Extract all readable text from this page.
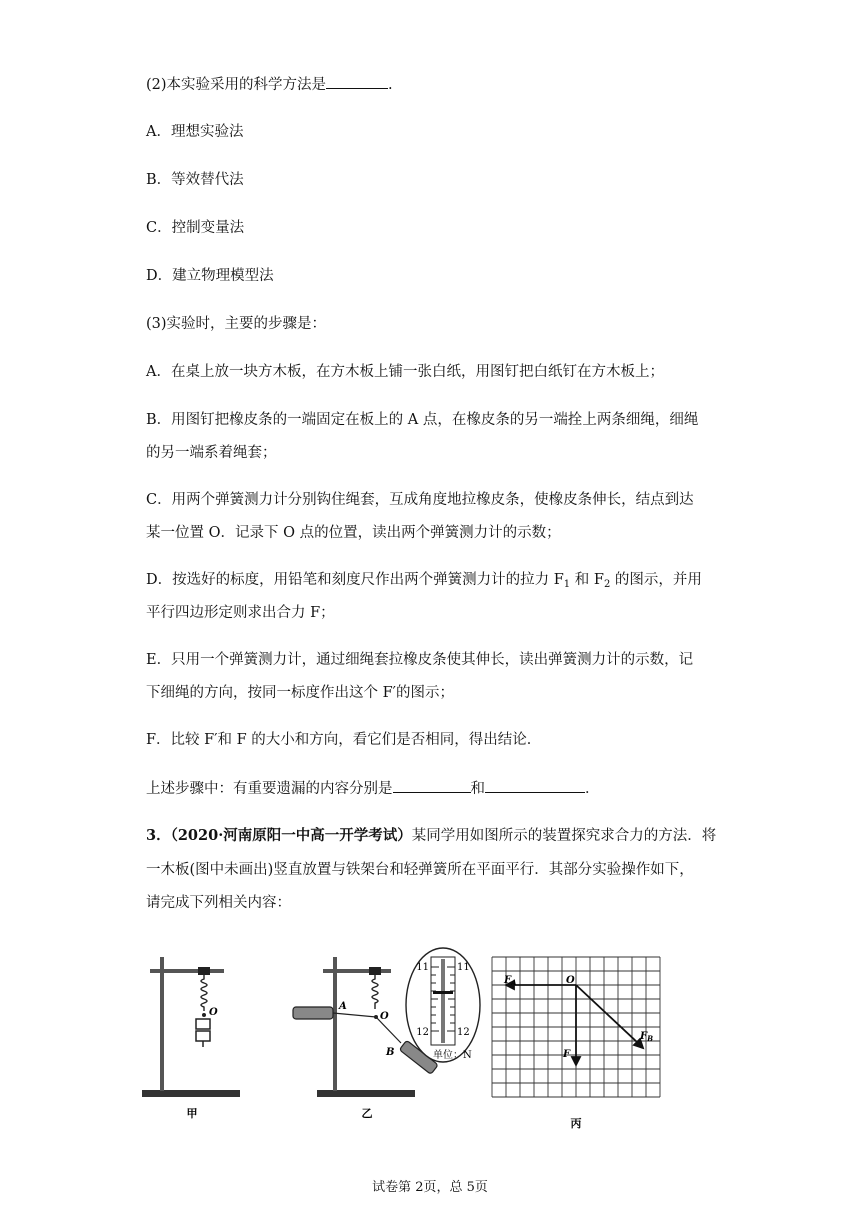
(2)本实验采用的科学方法是	.
A．理想实验法
B．等效替代法
C．控制变量法
D．建立物理模型法
(3)实验时，主要的步骤是：
A．在桌上放一块方木板，在方木板上铺一张白纸，用图钉把白纸钉在方木板上；
B．用图钉把橡皮条的一端固定在板上的 A 点，在橡皮条的另一端拴上两条细绳，细绳
的另一端系着绳套；
C．用两个弹簧测力计分别钩住绳套，互成角度地拉橡皮条，使橡皮条伸长，结点到达
某一位置 O．记录下 O 点的位置，读出两个弹簧测力计的示数；
D．按选好的标度，用铅笔和刻度尺作出两个弹簧测力计的拉力 $F_1$ 和 $F_2$ 的图示，并用
平行四边形定则求出合力 F；
E．只用一个弹簧测力计，通过细绳套拉橡皮条使其伸长，读出弹簧测力计的示数，记
下细绳的方向，按同一标度作出这个 F′的图示；
F．比较 F′和 F 的大小和方向，看它们是否相同，得出结论．
上述步骤中：有重要遗漏的内容分别是	和	．
3．（2020·河南原阳一中高一开学考试）某同学用如图所示的装置探究求合力的方法．将
一木板(图中未画出)竖直放置与铁架台和轻弹簧所在平面平行．其部分实验操作如下，
请完成下列相关内容：
O
甲
O
A
B
11	11
12	12
单位：N
乙
O
$F_A$
$F_B$
F
丙
试卷第 2页，总 5页
